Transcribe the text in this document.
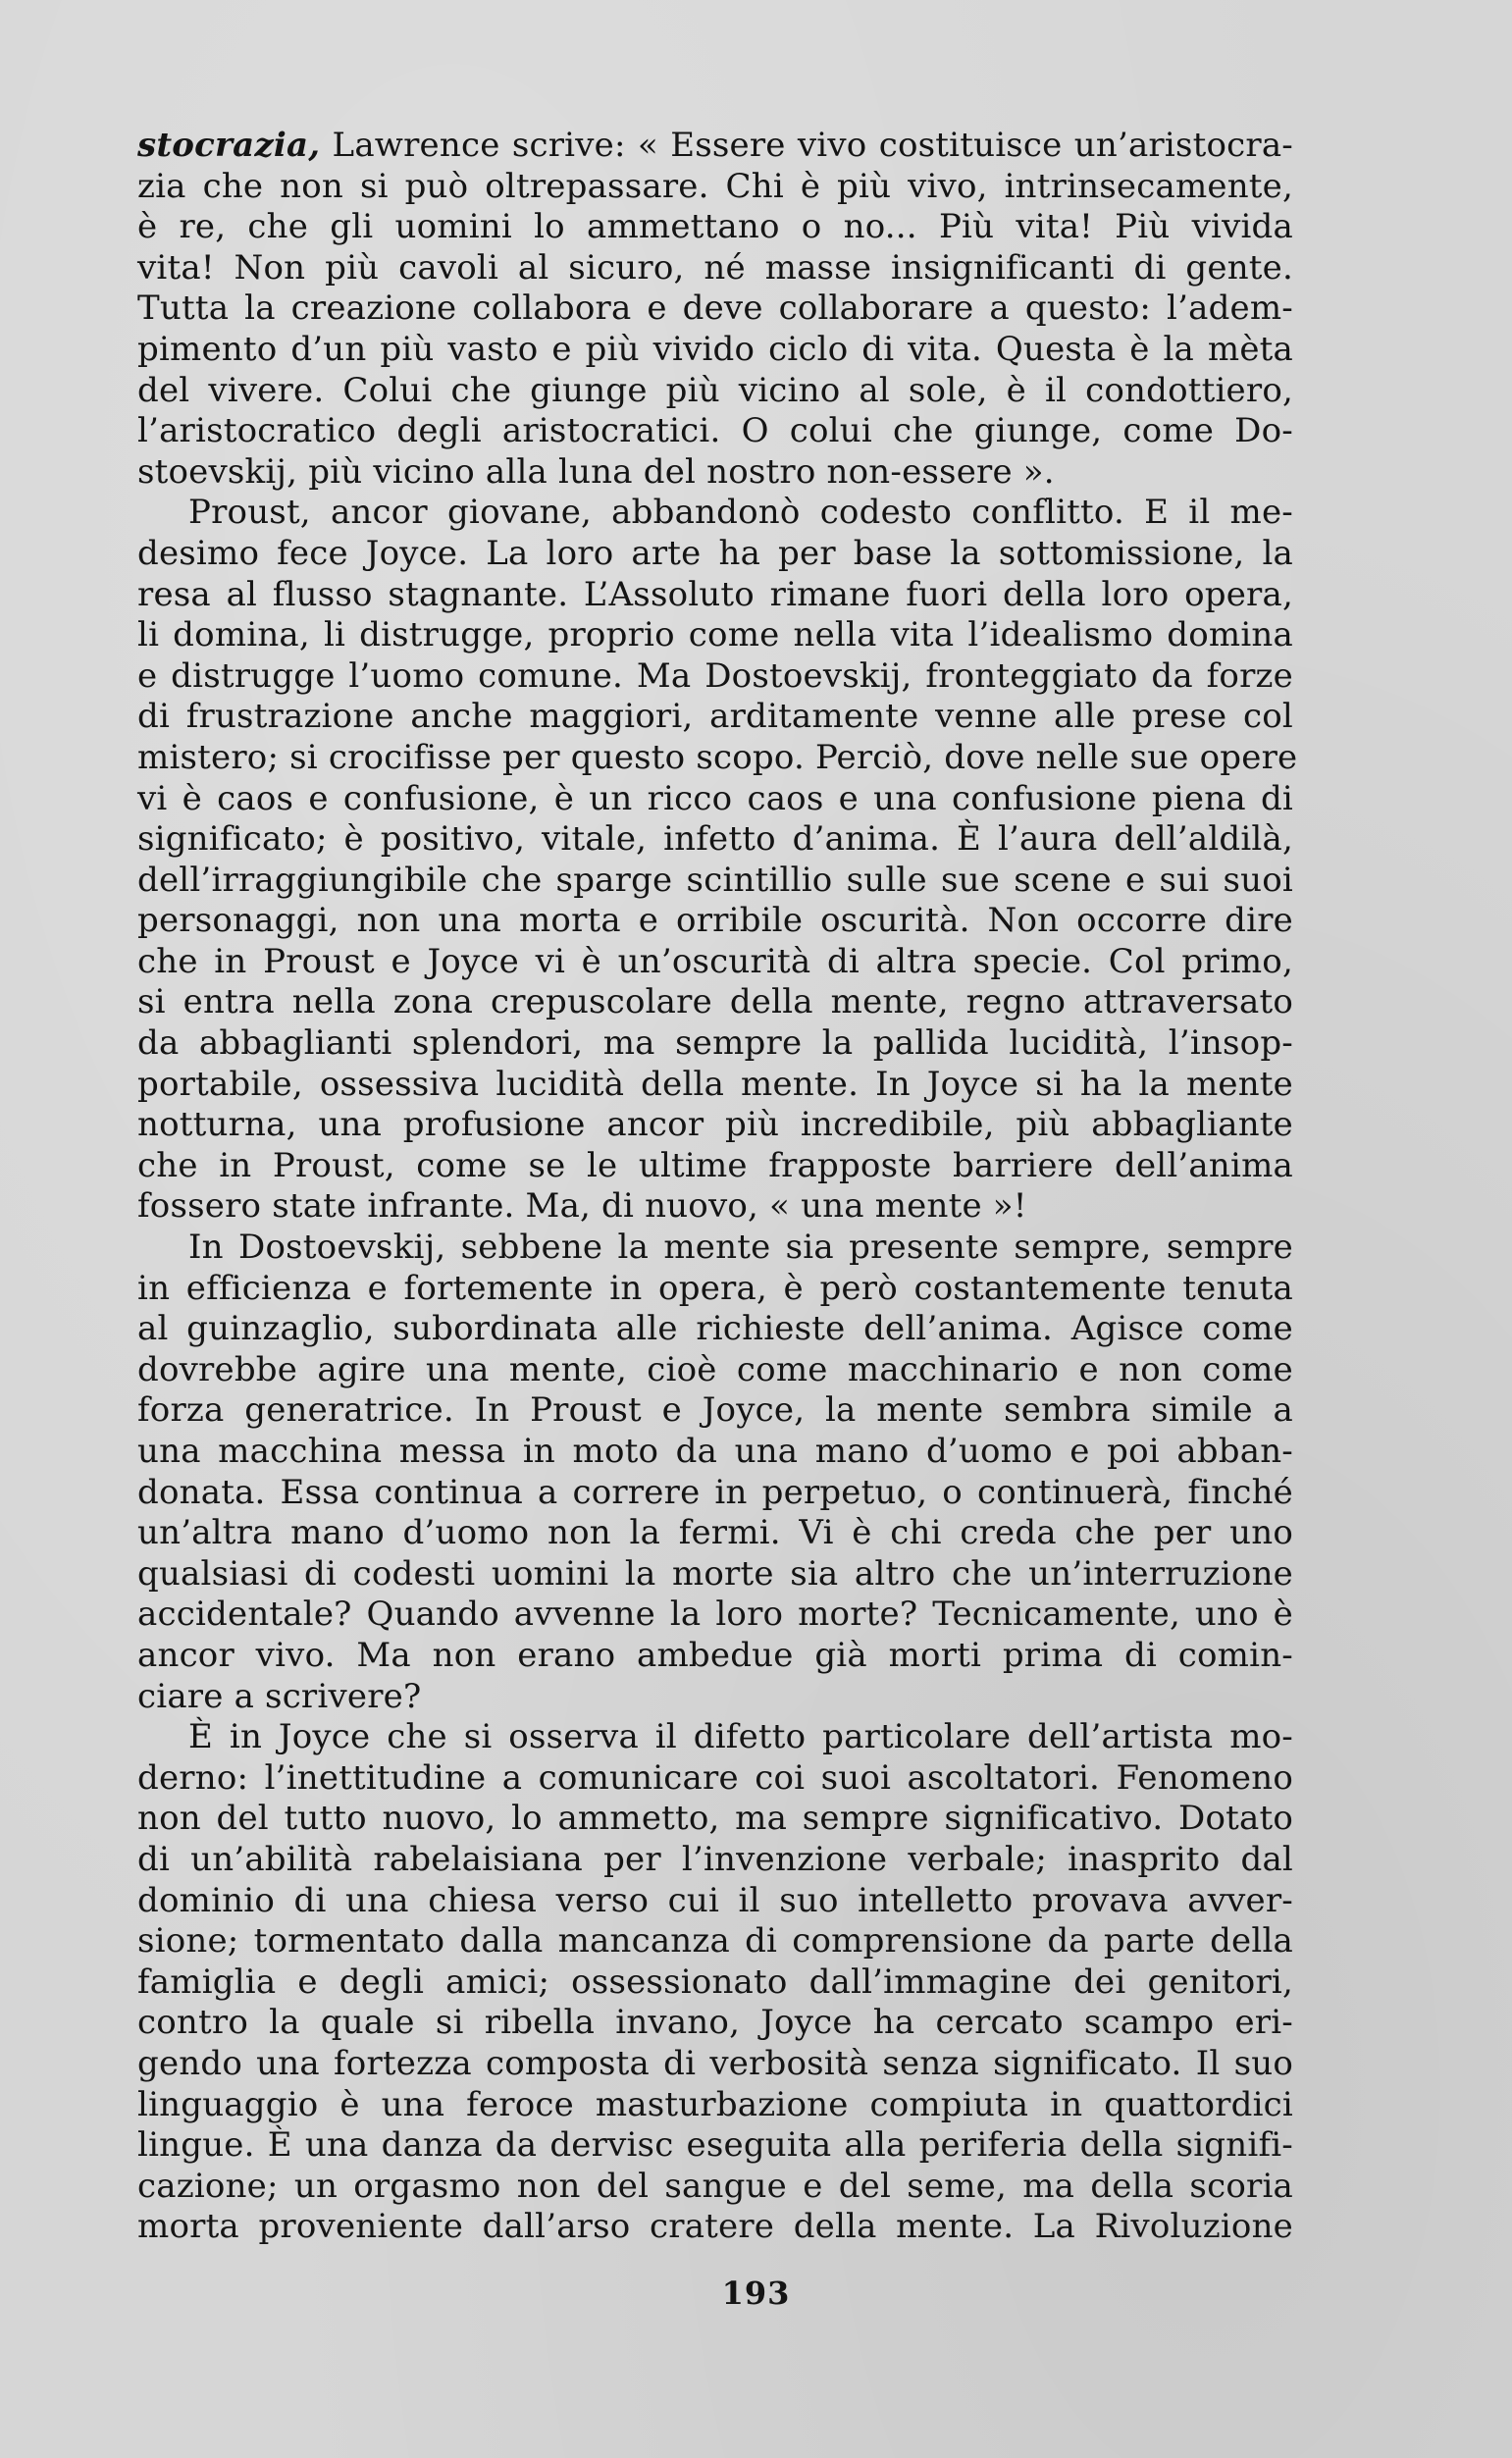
stocrazia, Lawrence scrive: « Essere vivo costituisce un’aristocra-
zia che non si può oltrepassare. Chi è più vivo, intrinsecamente,
è re, che gli uomini lo ammettano o no... Più vita! Più vivida
vita! Non più cavoli al sicuro, né masse insignificanti di gente.
Tutta la creazione collabora e deve collaborare a questo: l’adem-
pimento d’un più vasto e più vivido ciclo di vita. Questa è la mèta
del vivere. Colui che giunge più vicino al sole, è il condottiero,
l’aristocratico degli aristocratici. O colui che giunge, come Do-
stoevskij, più vicino alla luna del nostro non-essere ».
Proust, ancor giovane, abbandonò codesto conflitto. E il me-
desimo fece Joyce. La loro arte ha per base la sottomissione, la
resa al flusso stagnante. L’Assoluto rimane fuori della loro opera,
li domina, li distrugge, proprio come nella vita l’idealismo domina
e distrugge l’uomo comune. Ma Dostoevskij, fronteggiato da forze
di frustrazione anche maggiori, arditamente venne alle prese col
mistero; si crocifisse per questo scopo. Perciò, dove nelle sue opere
vi è caos e confusione, è un ricco caos e una confusione piena di
significato; è positivo, vitale, infetto d’anima. È l’aura dell’aldilà,
dell’irraggiungibile che sparge scintillio sulle sue scene e sui suoi
personaggi, non una morta e orribile oscurità. Non occorre dire
che in Proust e Joyce vi è un’oscurità di altra specie. Col primo,
si entra nella zona crepuscolare della mente, regno attraversato
da abbaglianti splendori, ma sempre la pallida lucidità, l’insop-
portabile, ossessiva lucidità della mente. In Joyce si ha la mente
notturna, una profusione ancor più incredibile, più abbagliante
che in Proust, come se le ultime frapposte barriere dell’anima
fossero state infrante. Ma, di nuovo, « una mente »!
In Dostoevskij, sebbene la mente sia presente sempre, sempre
in efficienza e fortemente in opera, è però costantemente tenuta
al guinzaglio, subordinata alle richieste dell’anima. Agisce come
dovrebbe agire una mente, cioè come macchinario e non come
forza generatrice. In Proust e Joyce, la mente sembra simile a
una macchina messa in moto da una mano d’uomo e poi abban-
donata. Essa continua a correre in perpetuo, o continuerà, finché
un’altra mano d’uomo non la fermi. Vi è chi creda che per uno
qualsiasi di codesti uomini la morte sia altro che un’interruzione
accidentale? Quando avvenne la loro morte? Tecnicamente, uno è
ancor vivo. Ma non erano ambedue già morti prima di comin-
ciare a scrivere?
È in Joyce che si osserva il difetto particolare dell’artista mo-
derno: l’inettitudine a comunicare coi suoi ascoltatori. Fenomeno
non del tutto nuovo, lo ammetto, ma sempre significativo. Dotato
di un’abilità rabelaisiana per l’invenzione verbale; inasprito dal
dominio di una chiesa verso cui il suo intelletto provava avver-
sione; tormentato dalla mancanza di comprensione da parte della
famiglia e degli amici; ossessionato dall’immagine dei genitori,
contro la quale si ribella invano, Joyce ha cercato scampo eri-
gendo una fortezza composta di verbosità senza significato. Il suo
linguaggio è una feroce masturbazione compiuta in quattordici
lingue. È una danza da dervisc eseguita alla periferia della signifi-
cazione; un orgasmo non del sangue e del seme, ma della scoria
morta proveniente dall’arso cratere della mente. La Rivoluzione
193
